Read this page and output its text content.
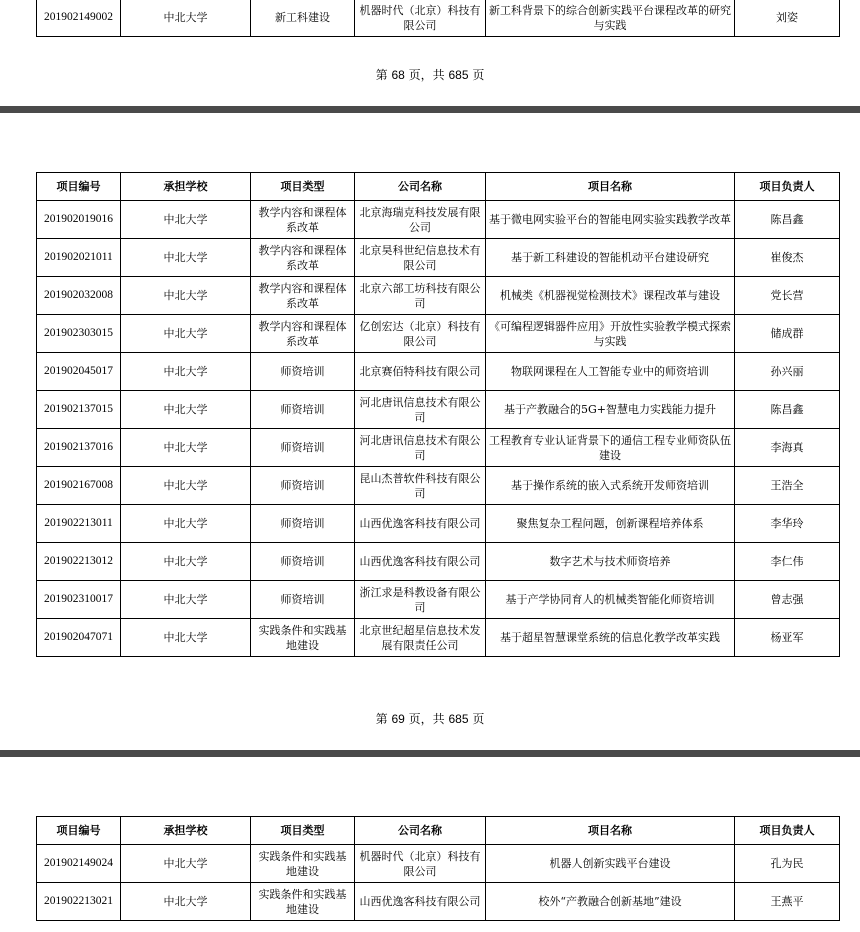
201902149002	中北大学	新工科建设	机器时代（北京）科技有限公司	新工科背景下的综合创新实践平台课程改革的研究与实践	刘姿
第 68 页，共 685 页
项目编号	承担学校	项目类型	公司名称	项目名称	项目负责人
201902019016	中北大学	教学内容和课程体系改革	北京海瑞克科技发展有限公司	基于微电网实验平台的智能电网实验实践教学改革	陈昌鑫
201902021011	中北大学	教学内容和课程体系改革	北京昊科世纪信息技术有限公司	基于新工科建设的智能机动平台建设研究	崔俊杰
201902032008	中北大学	教学内容和课程体系改革	北京六部工坊科技有限公司	机械类《机器视觉检测技术》课程改革与建设	党长营
201902303015	中北大学	教学内容和课程体系改革	亿创宏达（北京）科技有限公司	《可编程逻辑器件应用》开放性实验教学模式探索与实践	储成群
201902045017	中北大学	师资培训	北京赛佰特科技有限公司	物联网课程在人工智能专业中的师资培训	孙兴丽
201902137015	中北大学	师资培训	河北唐讯信息技术有限公司	基于产教融合的5G+智慧电力实践能力提升	陈昌鑫
201902137016	中北大学	师资培训	河北唐讯信息技术有限公司	工程教育专业认证背景下的通信工程专业师资队伍建设	李海真
201902167008	中北大学	师资培训	昆山杰普软件科技有限公司	基于操作系统的嵌入式系统开发师资培训	王浩全
201902213011	中北大学	师资培训	山西优逸客科技有限公司	聚焦复杂工程问题，创新课程培养体系	李华玲
201902213012	中北大学	师资培训	山西优逸客科技有限公司	数字艺术与技术师资培养	李仁伟
201902310017	中北大学	师资培训	浙江求是科教设备有限公司	基于产学协同育人的机械类智能化师资培训	曾志强
201902047071	中北大学	实践条件和实践基地建设	北京世纪超星信息技术发展有限责任公司	基于超星智慧课堂系统的信息化教学改革实践	杨亚军
第 69 页，共 685 页
项目编号	承担学校	项目类型	公司名称	项目名称	项目负责人
201902149024	中北大学	实践条件和实践基地建设	机器时代（北京）科技有限公司	机器人创新实践平台建设	孔为民
201902213021	中北大学	实践条件和实践基地建设	山西优逸客科技有限公司	校外“产教融合创新基地”建设	王燕平
